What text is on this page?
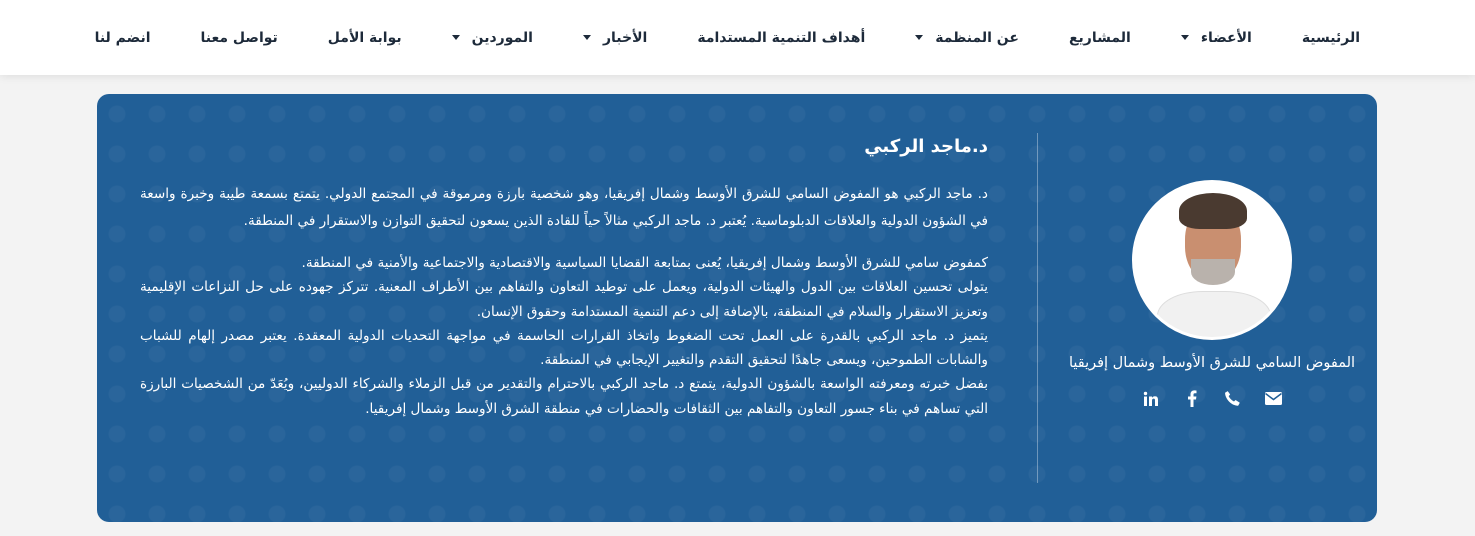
الرئيسية
الأعضاء
المشاريع
عن المنظمة
أهداف التنمية المستدامة
الأخبار
الموردين
بوابة الأمل
تواصل معنا
انضم لنا
د.ماجد الركبي

د. ماجد الركبي هو المفوض السامي للشرق الأوسط وشمال إفريقيا، وهو شخصية بارزة ومرموقة في المجتمع الدولي. يتمتع بسمعة طيبة وخبرة واسعة في الشؤون الدولية والعلاقات الدبلوماسية. يُعتبر د. ماجد الركبي مثالاً حياً للقادة الذين يسعون لتحقيق التوازن والاستقرار في المنطقة.

كمفوض سامي للشرق الأوسط وشمال إفريقيا، يُعنى بمتابعة القضايا السياسية والاقتصادية والاجتماعية والأمنية في المنطقة.
يتولى تحسين العلاقات بين الدول والهيئات الدولية، ويعمل على توطيد التعاون والتفاهم بين الأطراف المعنية. تتركز جهوده على حل النزاعات الإقليمية وتعزيز الاستقرار والسلام في المنطقة، بالإضافة إلى دعم التنمية المستدامة وحقوق الإنسان.
يتميز د. ماجد الركبي بالقدرة على العمل تحت الضغوط واتخاذ القرارات الحاسمة في مواجهة التحديات الدولية المعقدة. يعتبر مصدر إلهام للشباب والشابات الطموحين، ويسعى جاهدًا لتحقيق التقدم والتغيير الإيجابي في المنطقة.
بفضل خبرته ومعرفته الواسعة بالشؤون الدولية، يتمتع د. ماجد الركبي بالاحترام والتقدير من قبل الزملاء والشركاء الدوليين، ويُعَدّ من الشخصيات البارزة التي تساهم في بناء جسور التعاون والتفاهم بين الثقافات والحضارات في منطقة الشرق الأوسط وشمال إفريقيا.
المفوض السامي للشرق الأوسط وشمال إفريقيا
